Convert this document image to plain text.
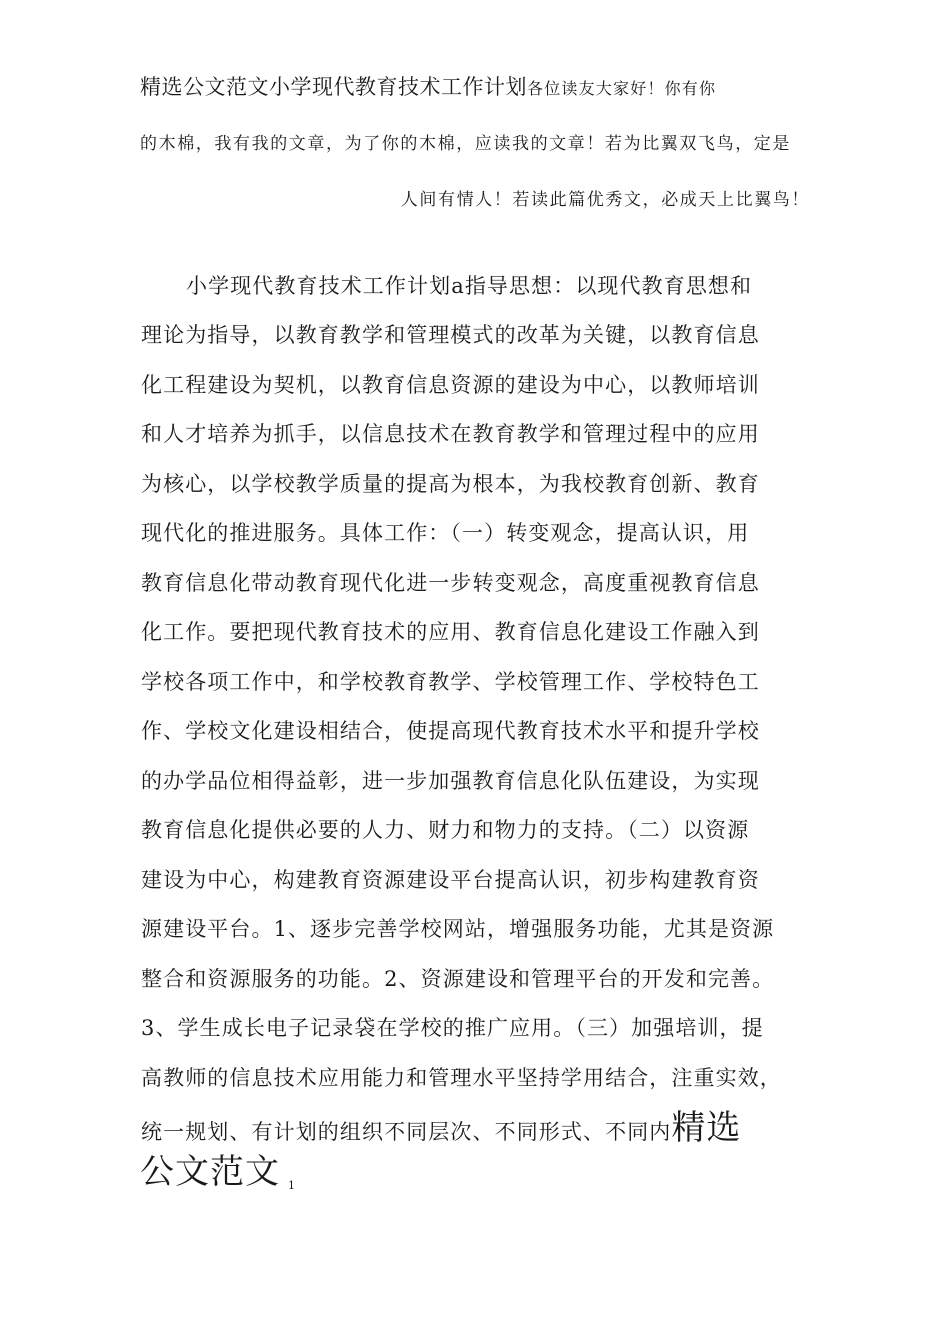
精选公文范文小学现代教育技术工作计划各位读友大家好！你有你
的木棉，我有我的文章，为了你的木棉，应读我的文章！若为比翼双飞鸟，定是
人间有情人！若读此篇优秀文，必成天上比翼鸟！
小学现代教育技术工作计划a指导思想：以现代教育思想和
理论为指导，以教育教学和管理模式的改革为关键，以教育信息
化工程建设为契机，以教育信息资源的建设为中心，以教师培训
和人才培养为抓手，以信息技术在教育教学和管理过程中的应用
为核心，以学校教学质量的提高为根本，为我校教育创新、教育
现代化的推进服务。具体工作：（一）转变观念，提高认识，用
教育信息化带动教育现代化进一步转变观念，高度重视教育信息
化工作。要把现代教育技术的应用、教育信息化建设工作融入到
学校各项工作中，和学校教育教学、学校管理工作、学校特色工
作、学校文化建设相结合，使提高现代教育技术水平和提升学校
的办学品位相得益彰，进一步加强教育信息化队伍建设，为实现
教育信息化提供必要的人力、财力和物力的支持。（二）以资源
建设为中心，构建教育资源建设平台提高认识，初步构建教育资
源建设平台。1、逐步完善学校网站，增强服务功能，尤其是资源
整合和资源服务的功能。2、资源建设和管理平台的开发和完善。
3、学生成长电子记录袋在学校的推广应用。（三）加强培训，提
高教师的信息技术应用能力和管理水平坚持学用结合，注重实效，
统一规划、有计划的组织不同层次、不同形式、不同内精选
公文范文 1
